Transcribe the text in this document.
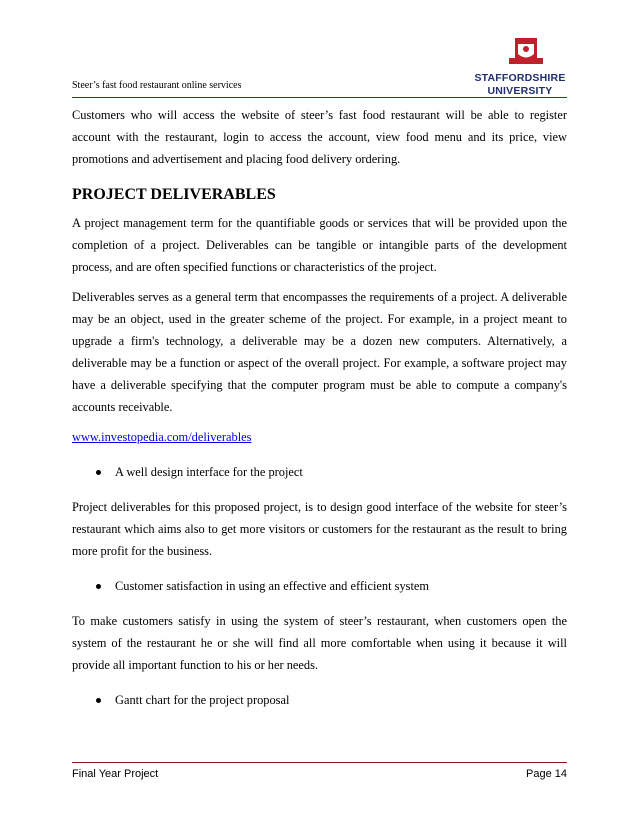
Steer’s fast food restaurant online services
STAFFORDSHIRE
UNIVERSITY

Customers who will access the website of steer’s fast food restaurant will be able to register account with the restaurant, login to access the account, view food menu and its price, view promotions and advertisement and placing food delivery ordering.

PROJECT DELIVERABLES

A project management term for the quantifiable goods or services that will be provided upon the completion of a project. Deliverables can be tangible or intangible parts of the development process, and are often specified functions or characteristics of the project.

Deliverables serves as a general term that encompasses the requirements of a project. A deliverable may be an object, used in the greater scheme of the project. For example, in a project meant to upgrade a firm's technology, a deliverable may be a dozen new computers. Alternatively, a deliverable may be a function or aspect of the overall project. For example, a software project may have a deliverable specifying that the computer program must be able to compute a company's accounts receivable.

www.investopedia.com/deliverables

A well design interface for the project

Project deliverables for this proposed project, is to design good interface of the website for steer’s restaurant which aims also to get more visitors or customers for the restaurant as the result to bring more profit for the business.

Customer satisfaction in using an effective and efficient system

To make customers satisfy in using the system of steer’s restaurant, when customers open the system of the restaurant he or she will find all more comfortable when using it because it will provide all important function to his or her needs.

Gantt chart for the project proposal
Final Year Project	Page 14
